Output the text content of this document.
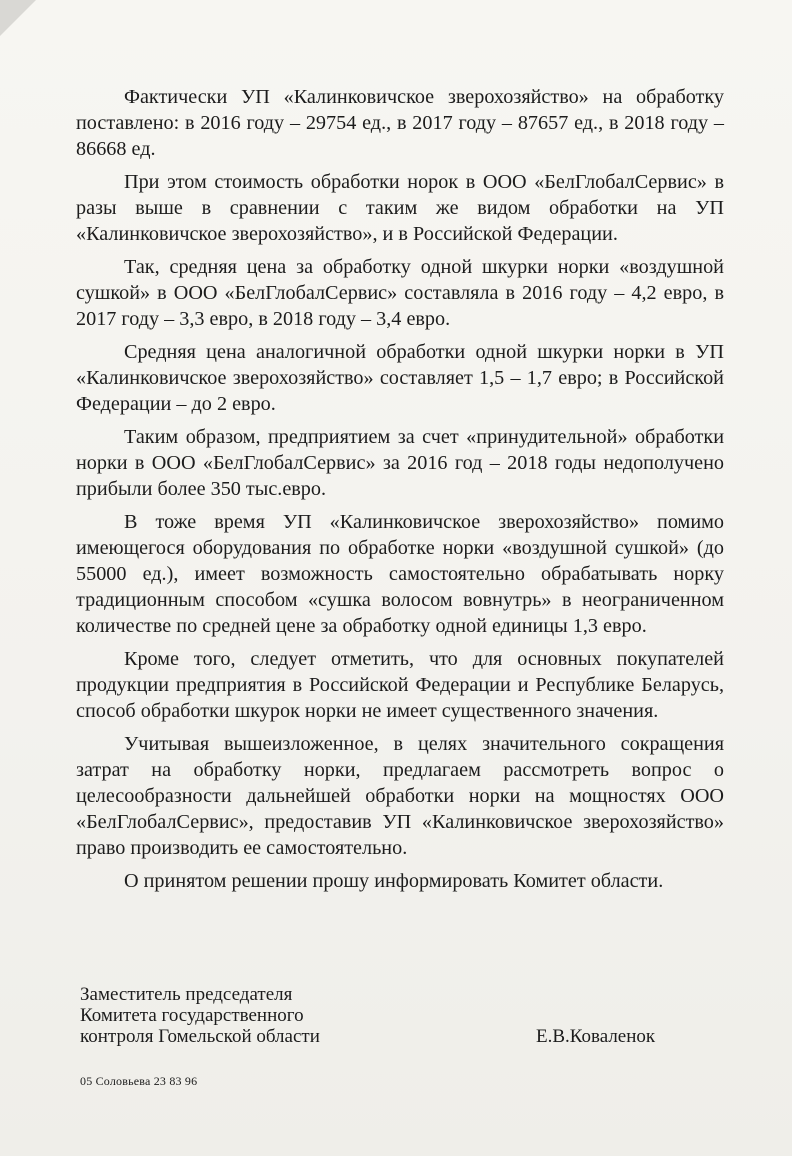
Фактически УП «Калинковичское зверохозяйство» на обработку поставлено: в 2016 году – 29754 ед., в 2017 году – 87657 ед., в 2018 году – 86668 ед.

При этом стоимость обработки норок в ООО «БелГлобалСервис» в разы выше в сравнении с таким же видом обработки на УП «Калинковичское зверохозяйство», и в Российской Федерации.

Так, средняя цена за обработку одной шкурки норки «воздушной сушкой» в ООО «БелГлобалСервис» составляла в 2016 году – 4,2 евро, в 2017 году – 3,3 евро, в 2018 году – 3,4 евро.

Средняя цена аналогичной обработки одной шкурки норки в УП «Калинковичское зверохозяйство» составляет 1,5 – 1,7 евро; в Российской Федерации – до 2 евро.

Таким образом, предприятием за счет «принудительной» обработки норки в ООО «БелГлобалСервис» за 2016 год – 2018 годы недополучено прибыли более 350 тыс.евро.

В тоже время УП «Калинковичское зверохозяйство» помимо имеющегося оборудования по обработке норки «воздушной сушкой» (до 55000 ед.), имеет возможность самостоятельно обрабатывать норку традиционным способом «сушка волосом вовнутрь» в неограниченном количестве по средней цене за обработку одной единицы 1,3 евро.

Кроме того, следует отметить, что для основных покупателей продукции предприятия в Российской Федерации и Республике Беларусь, способ обработки шкурок норки не имеет существенного значения.

Учитывая вышеизложенное, в целях значительного сокращения затрат на обработку норки, предлагаем рассмотреть вопрос о целесообразности дальнейшей обработки норки на мощностях ООО «БелГлобалСервис», предоставив УП «Калинковичское зверохозяйство» право производить ее самостоятельно.

О принятом решении прошу информировать Комитет области.

Заместитель председателя
Комитета государственного
контроля Гомельской области	Е.В.Коваленок
05 Соловьева 23 83 96
